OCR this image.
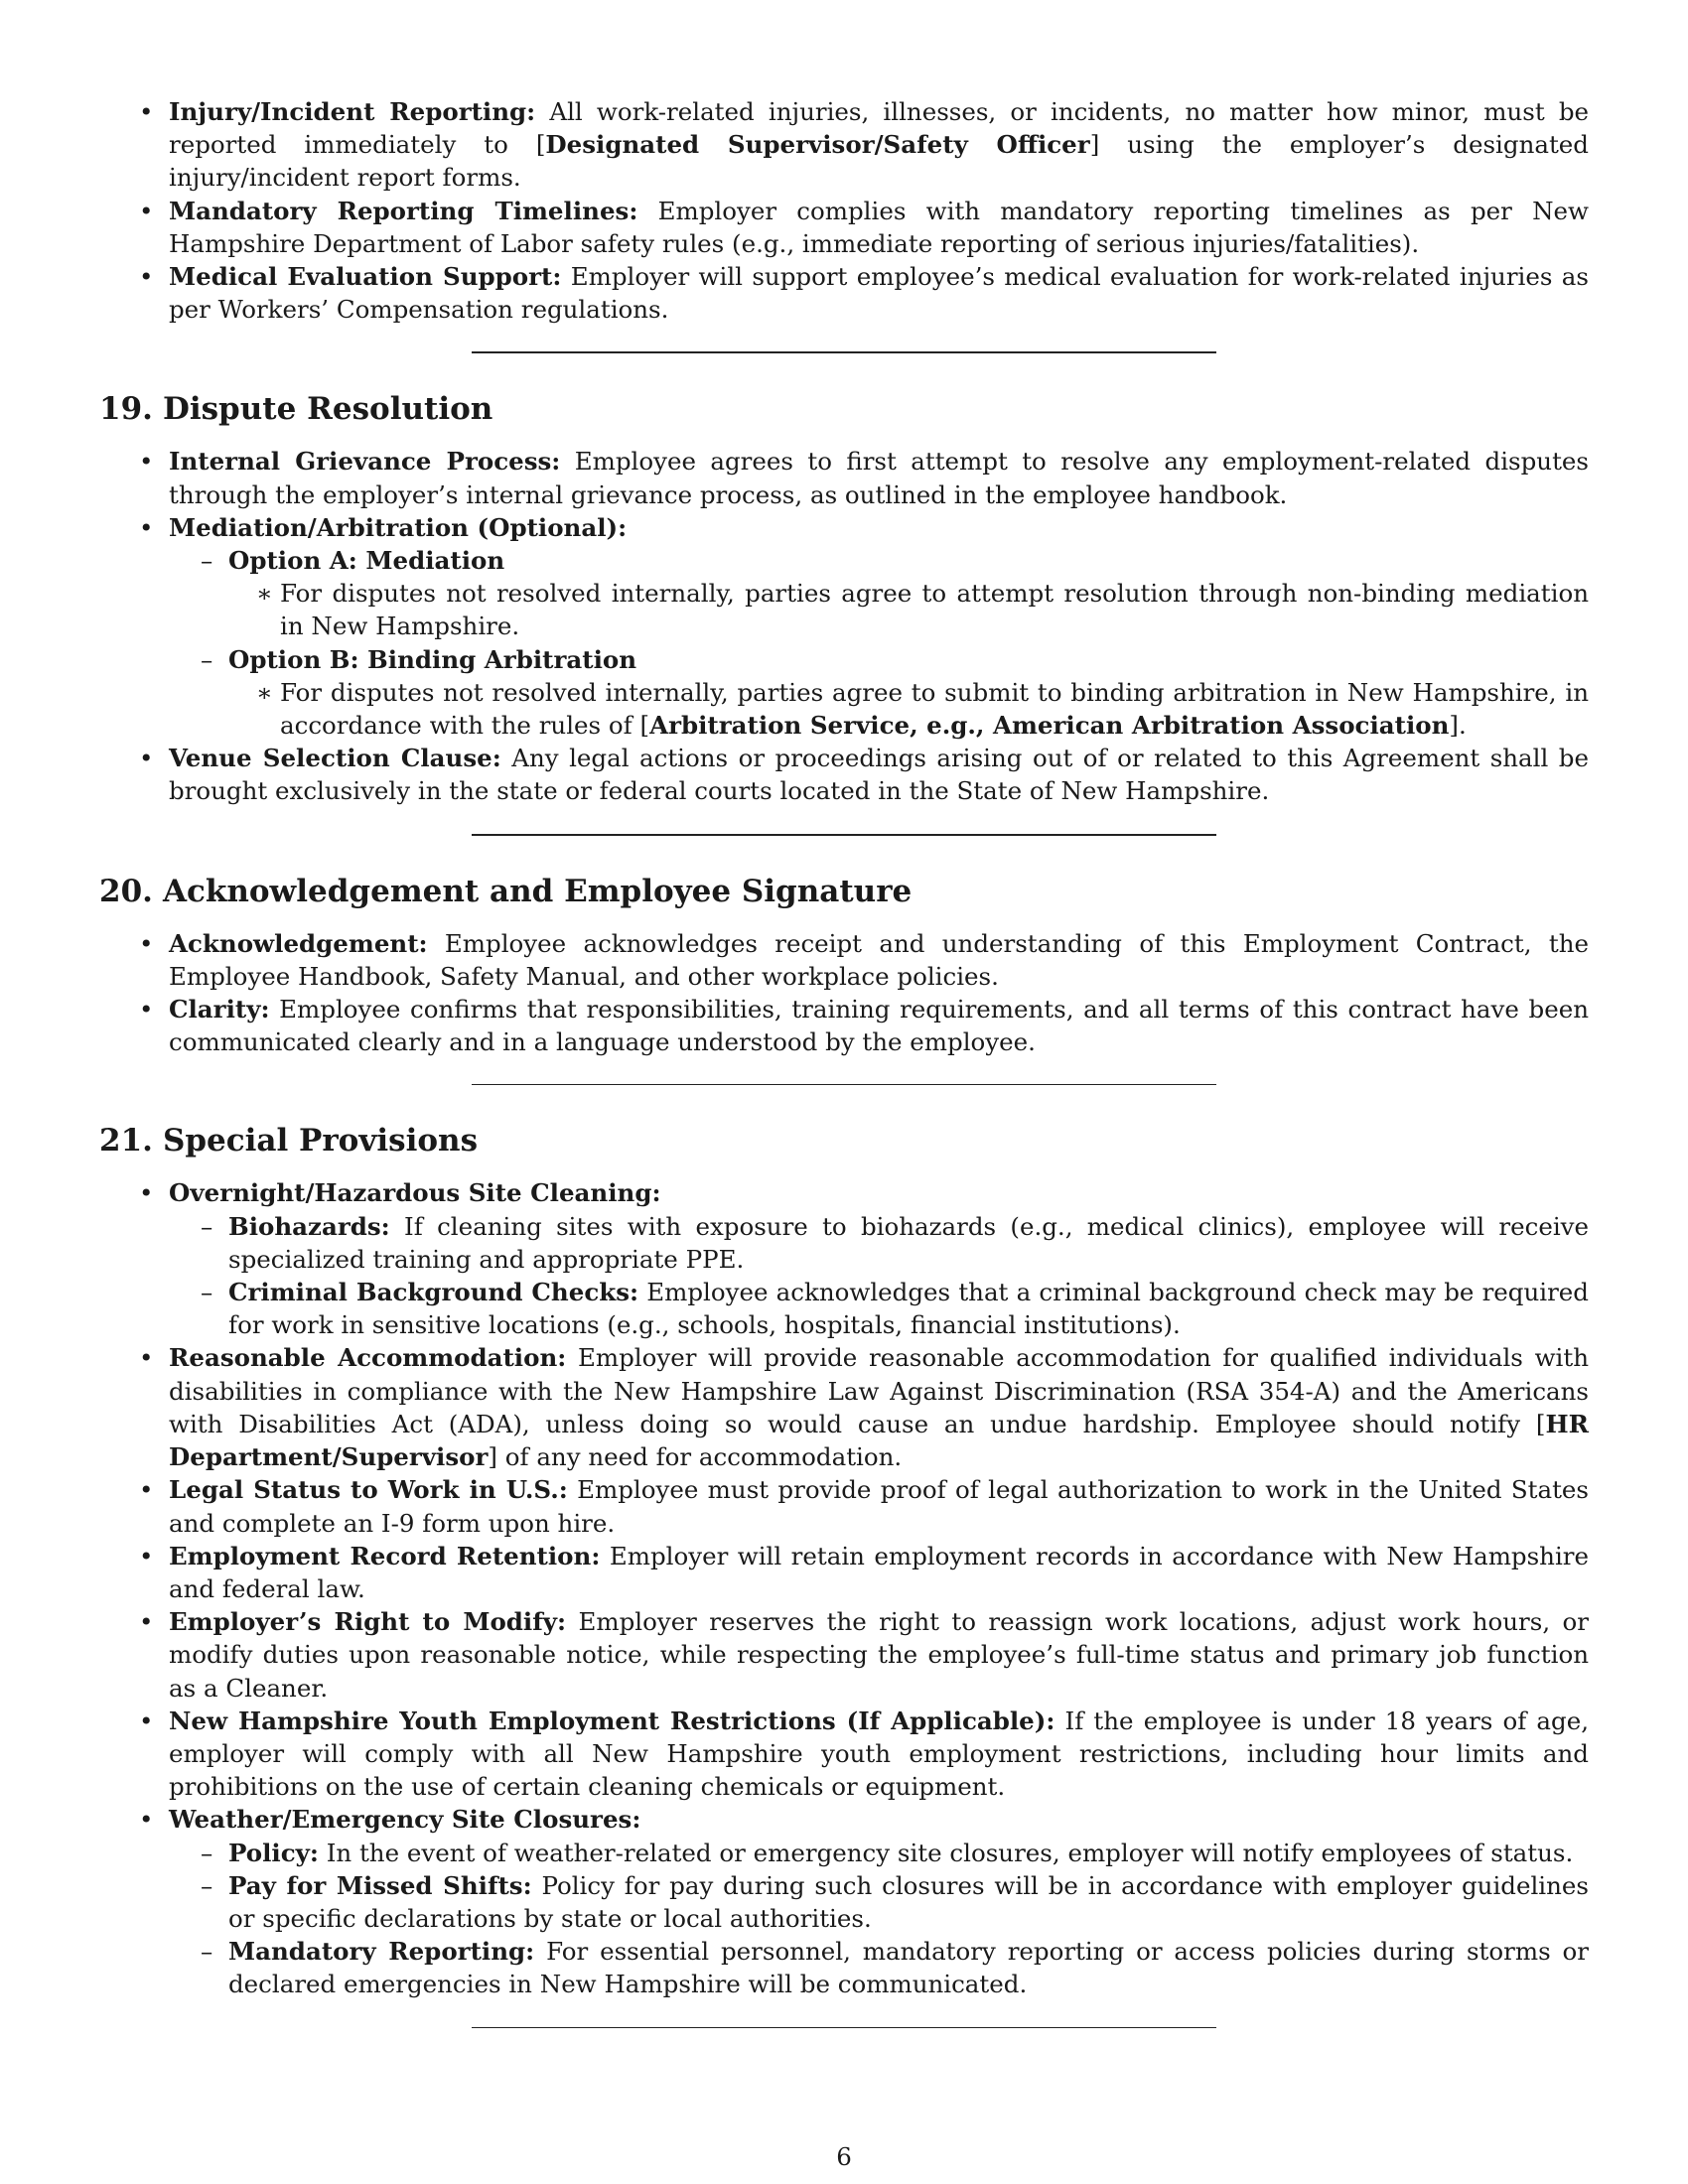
• Injury/Incident Reporting: All work-related injuries, illnesses, or incidents, no matter how minor, must be reported immediately to [Designated Supervisor/Safety Officer] using the employer’s designated injury/incident report forms.
• Mandatory Reporting Timelines: Employer complies with mandatory reporting timelines as per New Hampshire Department of Labor safety rules (e.g., immediate reporting of serious injuries/fatalities).
• Medical Evaluation Support: Employer will support employee’s medical evaluation for work-related injuries as per Workers’ Compensation regulations.
19. Dispute Resolution
• Internal Grievance Process: Employee agrees to first attempt to resolve any employment-related disputes through the employer’s internal grievance process, as outlined in the employee handbook.
• Mediation/Arbitration (Optional):
– Option A: Mediation
∗ For disputes not resolved internally, parties agree to attempt resolution through non-binding mediation in New Hampshire.
– Option B: Binding Arbitration
∗ For disputes not resolved internally, parties agree to submit to binding arbitration in New Hampshire, in accordance with the rules of [Arbitration Service, e.g., American Arbitration Association].
• Venue Selection Clause: Any legal actions or proceedings arising out of or related to this Agreement shall be brought exclusively in the state or federal courts located in the State of New Hampshire.
20. Acknowledgement and Employee Signature
• Acknowledgement: Employee acknowledges receipt and understanding of this Employment Contract, the Employee Handbook, Safety Manual, and other workplace policies.
• Clarity: Employee confirms that responsibilities, training requirements, and all terms of this contract have been communicated clearly and in a language understood by the employee.
21. Special Provisions
• Overnight/Hazardous Site Cleaning:
– Biohazards: If cleaning sites with exposure to biohazards (e.g., medical clinics), employee will receive specialized training and appropriate PPE.
– Criminal Background Checks: Employee acknowledges that a criminal background check may be required for work in sensitive locations (e.g., schools, hospitals, financial institutions).
• Reasonable Accommodation: Employer will provide reasonable accommodation for qualified individuals with disabilities in compliance with the New Hampshire Law Against Discrimination (RSA 354-A) and the Americans with Disabilities Act (ADA), unless doing so would cause an undue hardship. Employee should notify [HR Department/Supervisor] of any need for accommodation.
• Legal Status to Work in U.S.: Employee must provide proof of legal authorization to work in the United States and complete an I-9 form upon hire.
• Employment Record Retention: Employer will retain employment records in accordance with New Hampshire and federal law.
• Employer’s Right to Modify: Employer reserves the right to reassign work locations, adjust work hours, or modify duties upon reasonable notice, while respecting the employee’s full-time status and primary job function as a Cleaner.
• New Hampshire Youth Employment Restrictions (If Applicable): If the employee is under 18 years of age, employer will comply with all New Hampshire youth employment restrictions, including hour limits and prohibitions on the use of certain cleaning chemicals or equipment.
• Weather/Emergency Site Closures:
– Policy: In the event of weather-related or emergency site closures, employer will notify employees of status.
– Pay for Missed Shifts: Policy for pay during such closures will be in accordance with employer guidelines or specific declarations by state or local authorities.
– Mandatory Reporting: For essential personnel, mandatory reporting or access policies during storms or declared emergencies in New Hampshire will be communicated.
6
